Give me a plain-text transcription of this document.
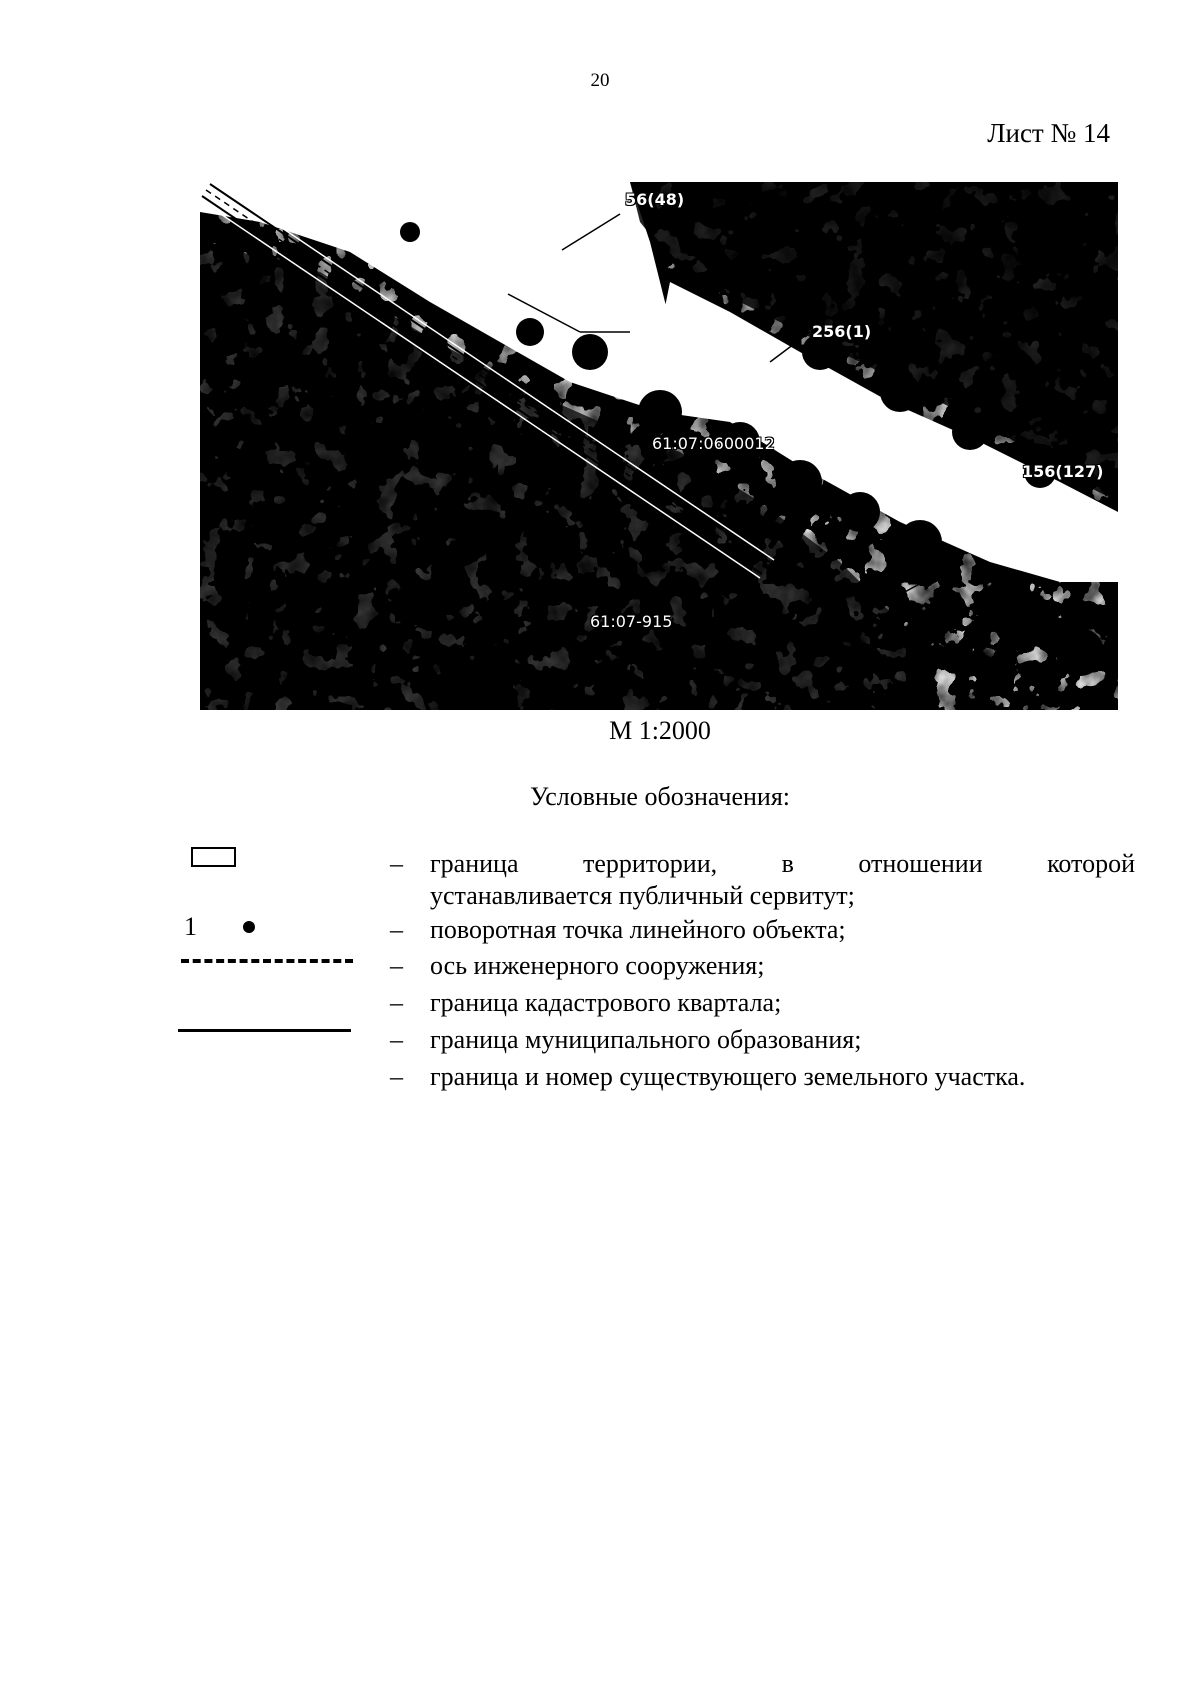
20
Лист № 14
56(48)
256(1)
61:07:0600012
156(127)
61:07-915
М 1:2000
Условные обозначения:
1
– граница территории, в отношении которой
устанавливается публичный сервитут;
– поворотная точка линейного объекта;
– ось инженерного сооружения;
– граница кадастрового квартала;
– граница муниципального образования;
– граница и номер существующего земельного участка.
